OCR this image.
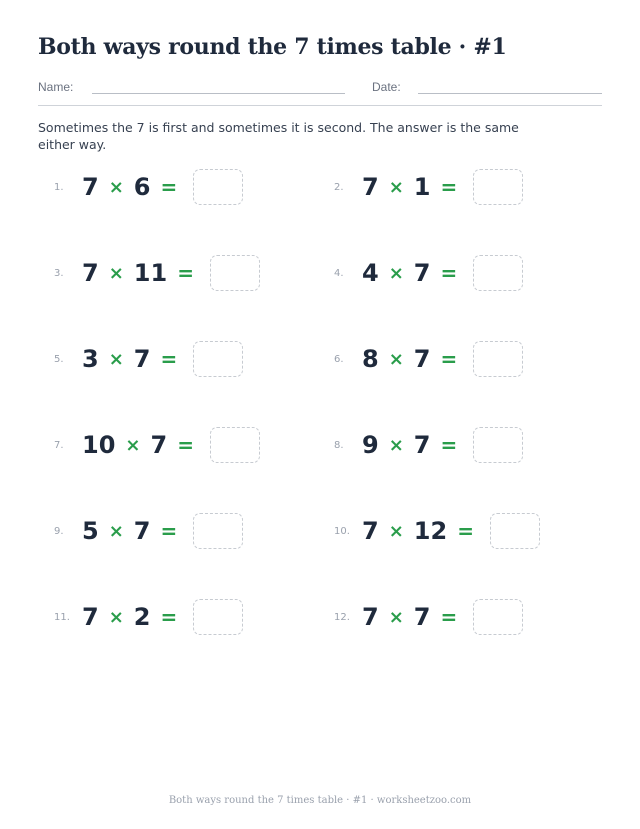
Both ways round the 7 times table · #1
Name:	Date:

Sometimes the 7 is first and sometimes it is second. The answer is the same either way.

1. 7 × 6 =	2. 7 × 1 =
3. 7 × 11 =	4. 4 × 7 =
5. 3 × 7 =	6. 8 × 7 =
7. 10 × 7 =	8. 9 × 7 =
9. 5 × 7 =	10. 7 × 12 =
11. 7 × 2 =	12. 7 × 7 =
Both ways round the 7 times table · #1 · worksheetzoo.com
